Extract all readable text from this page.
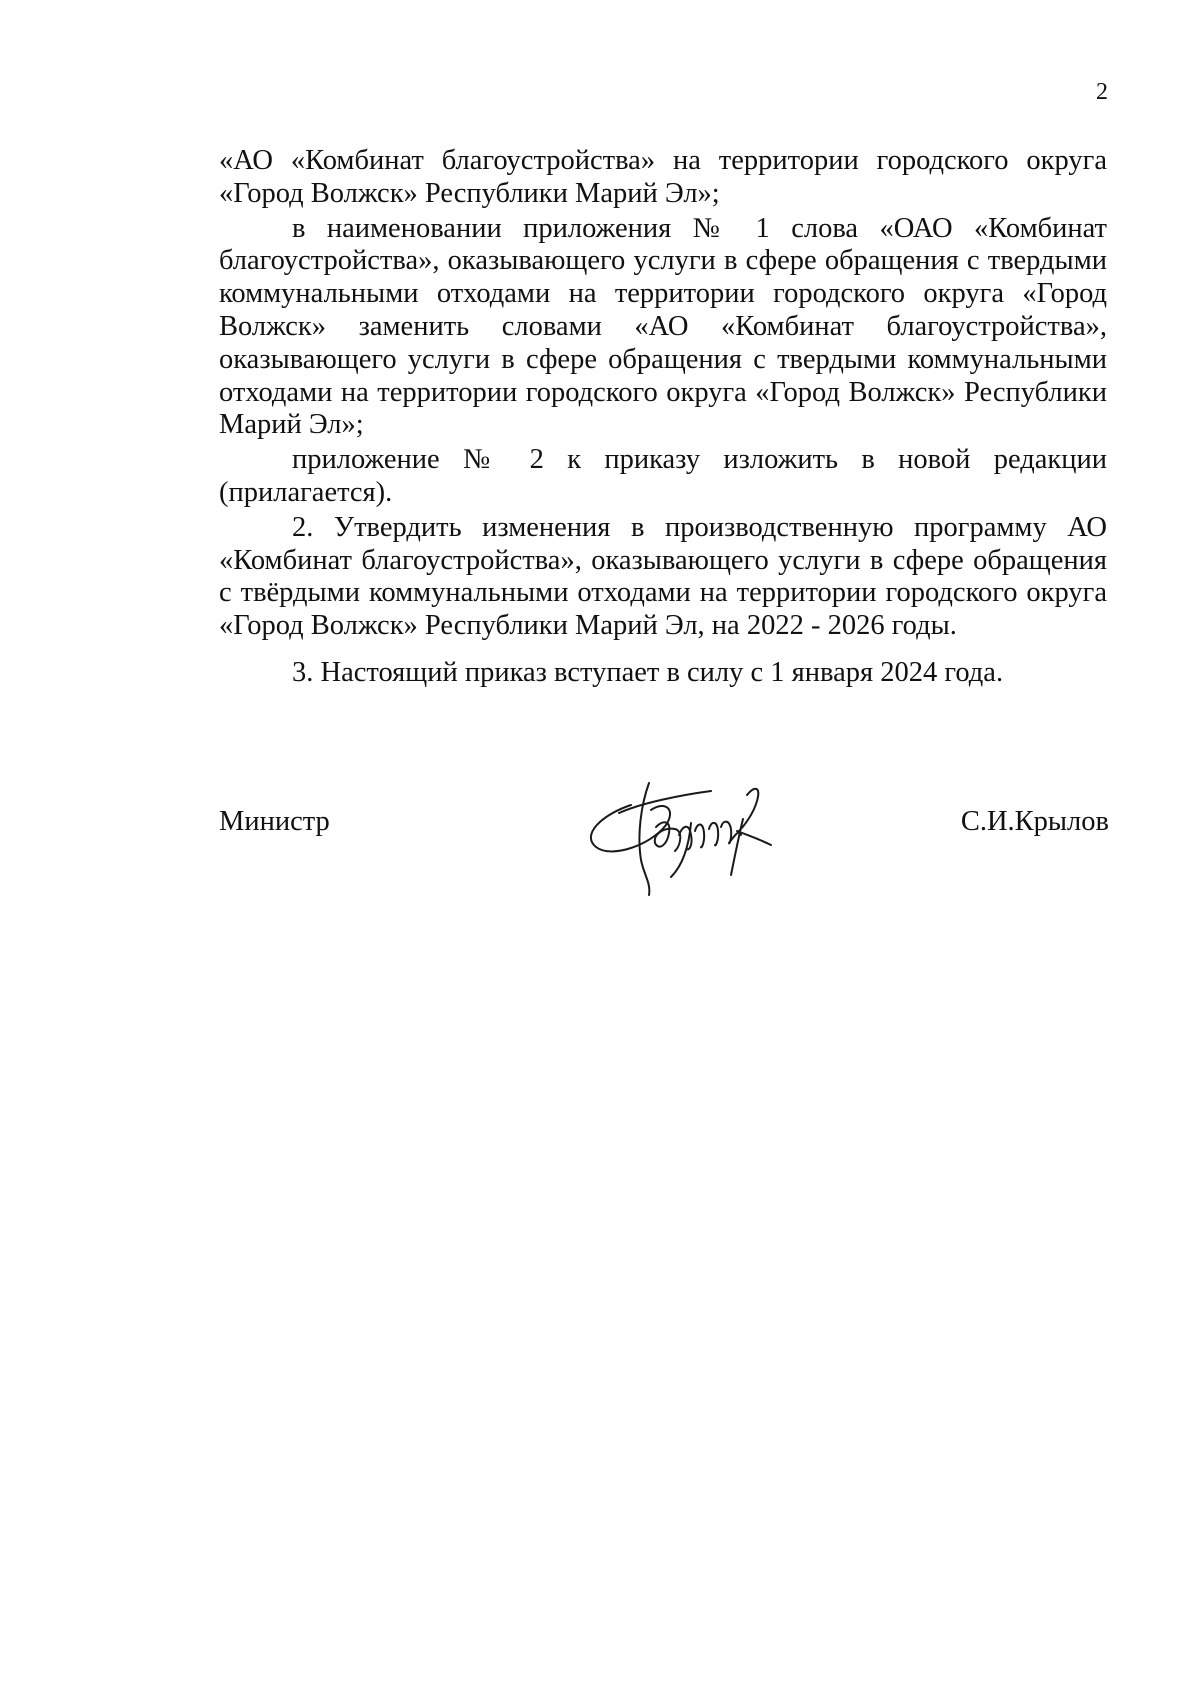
2

«АО «Комбинат благоустройства» на территории городского округа «Город Волжск» Республики Марий Эл»;

в наименовании приложения № 1 слова «ОАО «Комбинат благоустройства», оказывающего услуги в сфере обращения с твердыми коммунальными отходами на территории городского округа «Город Волжск» заменить словами «АО «Комбинат благоустройства», оказывающего услуги в сфере обращения с твердыми коммунальными отходами на территории городского округа «Город Волжск» Республики Марий Эл»;

приложение № 2 к приказу изложить в новой редакции (прилагается).

2. Утвердить изменения в производственную программу АО «Комбинат благоустройства», оказывающего услуги в сфере обращения с твёрдыми коммунальными отходами на территории городского округа «Город Волжск» Республики Марий Эл, на 2022 - 2026 годы.

3. Настоящий приказ вступает в силу с 1 января 2024 года.

Министр	С.И.Крылов
